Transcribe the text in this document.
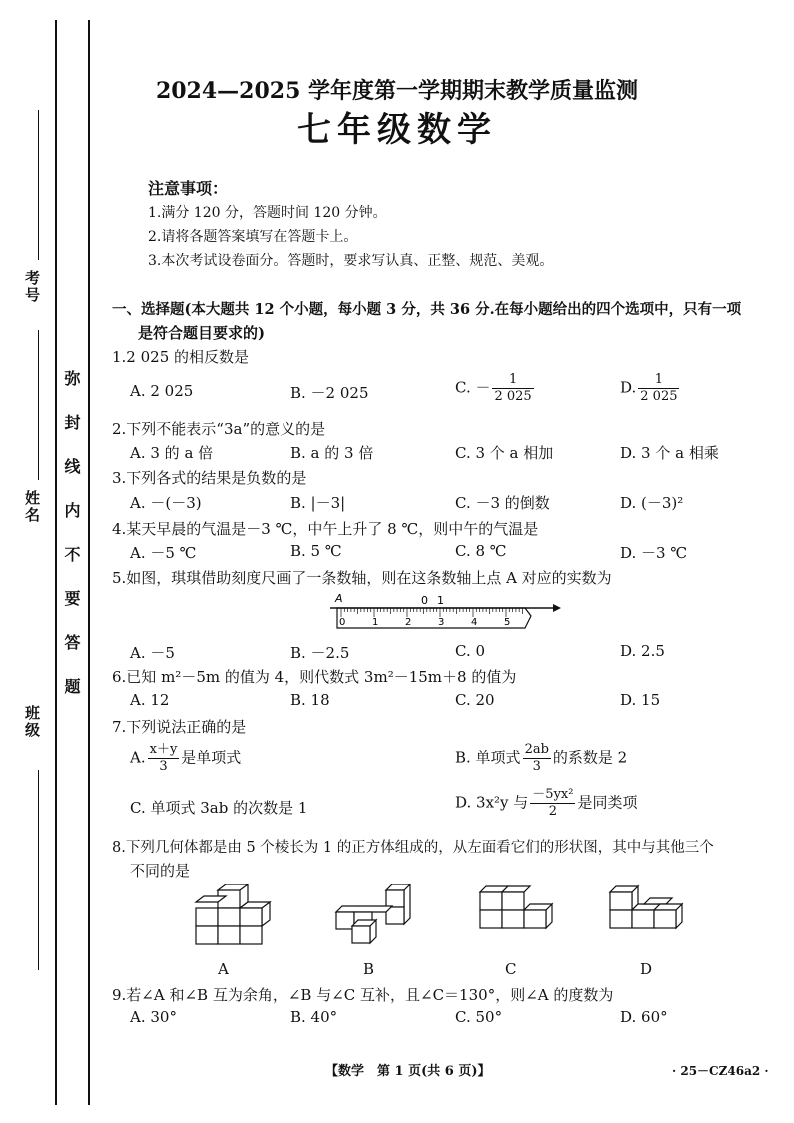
考号
姓名
班级 弥封线内不要答题
2024—2025 学年度第一学期期末教学质量监测
七年级数学
注意事项：
1.满分 120 分，答题时间 120 分钟。
2.请将各题答案填写在答题卡上。
3.本次考试设卷面分。答题时，要求写认真、正整、规范、美观。
一、选择题(本大题共 12 个小题，每小题 3 分，共 36 分.在每小题给出的四个选项中，只有一项
是符合题目要求的)
1.2 025 的相反数是
A. 2 025	B. －2 025	C. － $\frac{1}{2 025}$	D. $\frac{1}{2 025}$
2.下列不能表示“3a”的意义的是
A. 3 的 a 倍	B. a 的 3 倍	C. 3 个 a 相加	D. 3 个 a 相乘
3.下列各式的结果是负数的是
A. －(－3)	B. |－3|	C. －3 的倒数	D. (－3)²
4.某天早晨的气温是－3 ℃，中午上升了 8 ℃，则中午的气温是
A. －5 ℃	B. 5 ℃	C. 8 ℃	D. －3 ℃
5.如图，琪琪借助刻度尺画了一条数轴，则在这条数轴上点 A 对应的实数为
A	0 1
0	1	2	3	4	5
A. －5	B. －2.5	C. 0	D. 2.5
6.已知 m²－5m 的值为 4，则代数式 3m²－15m＋8 的值为
A. 12	B. 18	C. 20	D. 15
7.下列说法正确的是
A. $\frac{x+y}{3}$ 是单项式	B. 单项式 $\frac{2ab}{3}$ 的系数是 2
C. 单项式 3ab 的次数是 1	D. 3x²y 与 $\frac{\text{－5yx²}}{2}$ 是同类项
8.下列几何体都是由 5 个棱长为 1 的正方体组成的，从左面看它们的形状图，其中与其他三个
不同的是
A	B	C	D
9.若∠A 和∠B 互为余角，∠B 与∠C 互补，且∠C＝130°，则∠A 的度数为
A. 30°	B. 40°	C. 50°	D. 60°
【数学　第 1 页(共 6 页)】	· 25－CZ46a2 ·
